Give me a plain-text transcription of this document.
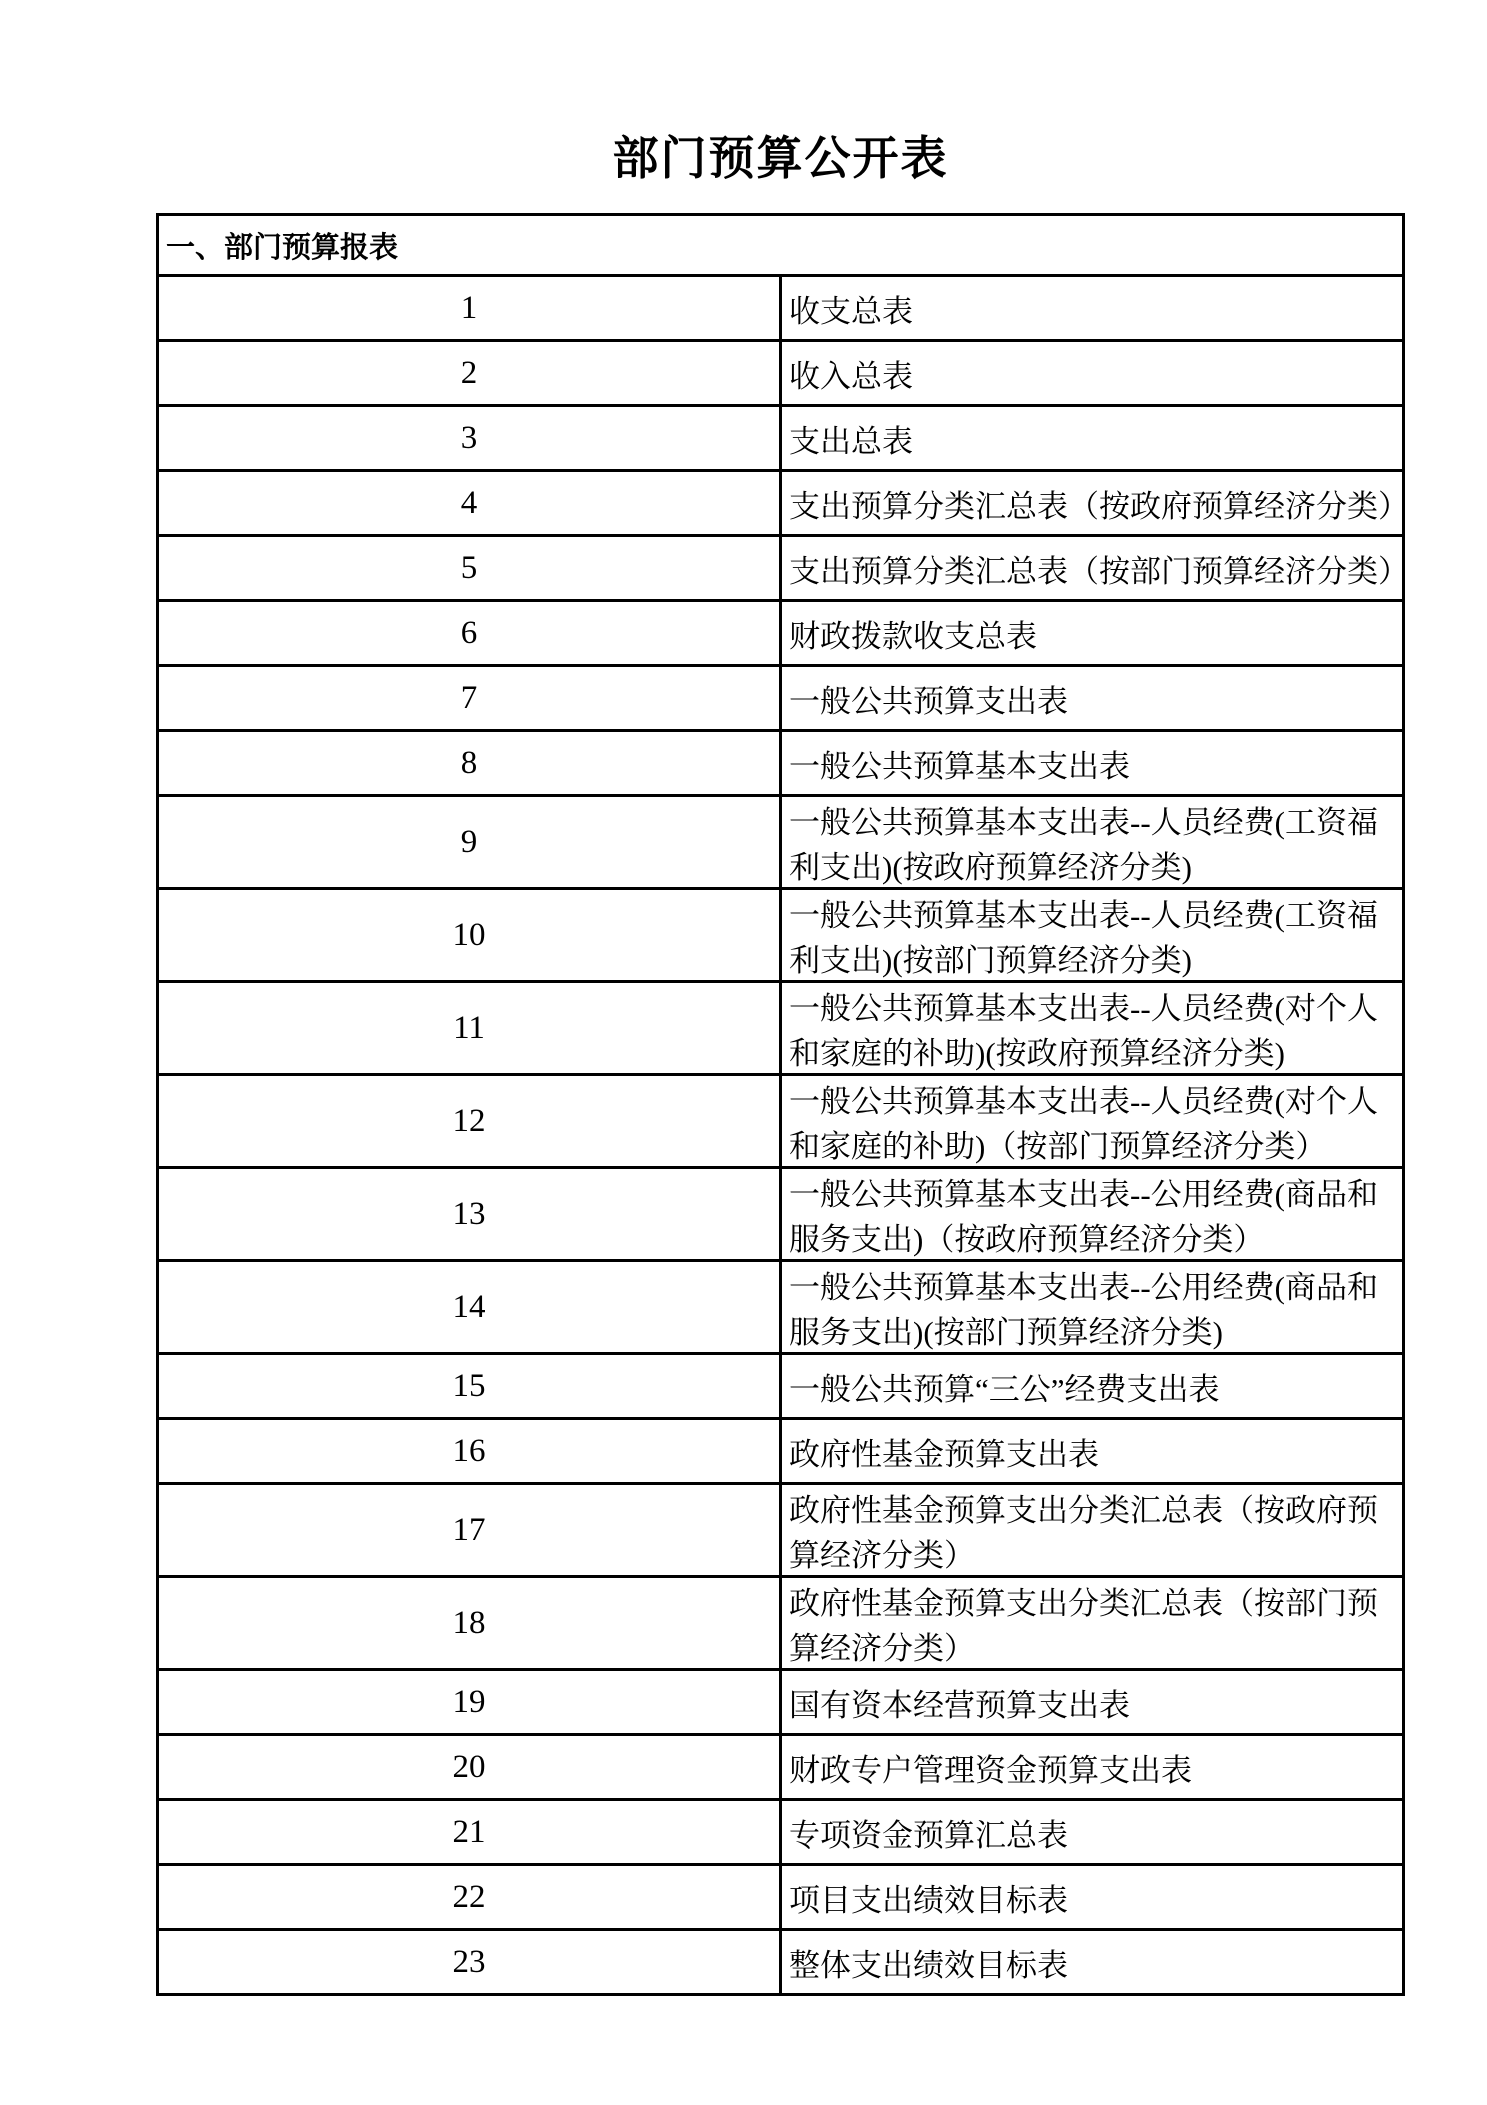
部门预算公开表
一、部门预算报表	
1	收支总表
2	收入总表
3	支出总表
4	支出预算分类汇总表（按政府预算经济分类）
5	支出预算分类汇总表（按部门预算经济分类）
6	财政拨款收支总表
7	一般公共预算支出表
8	一般公共预算基本支出表
9	一般公共预算基本支出表--人员经费(工资福利支出)(按政府预算经济分类)
10	一般公共预算基本支出表--人员经费(工资福利支出)(按部门预算经济分类)
11	一般公共预算基本支出表--人员经费(对个人和家庭的补助)(按政府预算经济分类)
12	一般公共预算基本支出表--人员经费(对个人和家庭的补助)（按部门预算经济分类）
13	一般公共预算基本支出表--公用经费(商品和服务支出)（按政府预算经济分类）
14	一般公共预算基本支出表--公用经费(商品和服务支出)(按部门预算经济分类)
15	一般公共预算“三公”经费支出表
16	政府性基金预算支出表
17	政府性基金预算支出分类汇总表（按政府预算经济分类）
18	政府性基金预算支出分类汇总表（按部门预算经济分类）
19	国有资本经营预算支出表
20	财政专户管理资金预算支出表
21	专项资金预算汇总表
22	项目支出绩效目标表
23	整体支出绩效目标表
